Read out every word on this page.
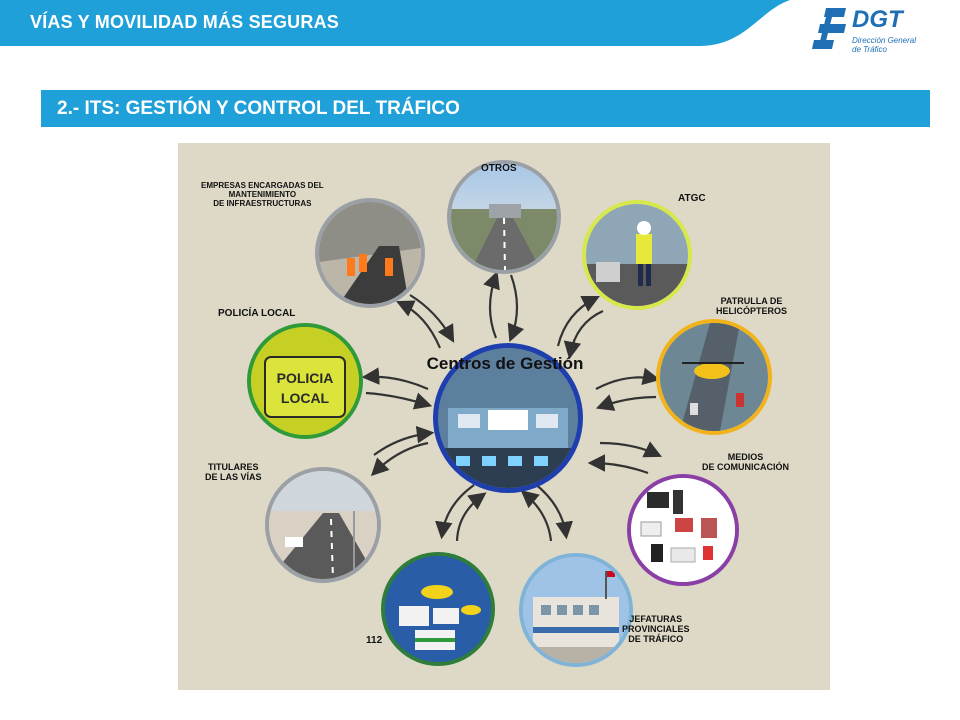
VÍAS Y MOVILIDAD MÁS SEGURAS	DGT
Dirección General
de Tráfico
2.- ITS: GESTIÓN Y CONTROL DEL TRÁFICO
Centros de Gestión
OTROS
ATGC
PATRULLA DE
HELICÓPTEROS
MEDIOS
DE COMUNICACIÓN
JEFATURAS
PROVINCIALES
DE TRÁFICO
112
TITULARES
DE LAS VÍAS
POLICIA
LOCAL
POLICÍA LOCAL
EMPRESAS ENCARGADAS DEL
MANTENIMIENTO
DE INFRAESTRUCTURAS
